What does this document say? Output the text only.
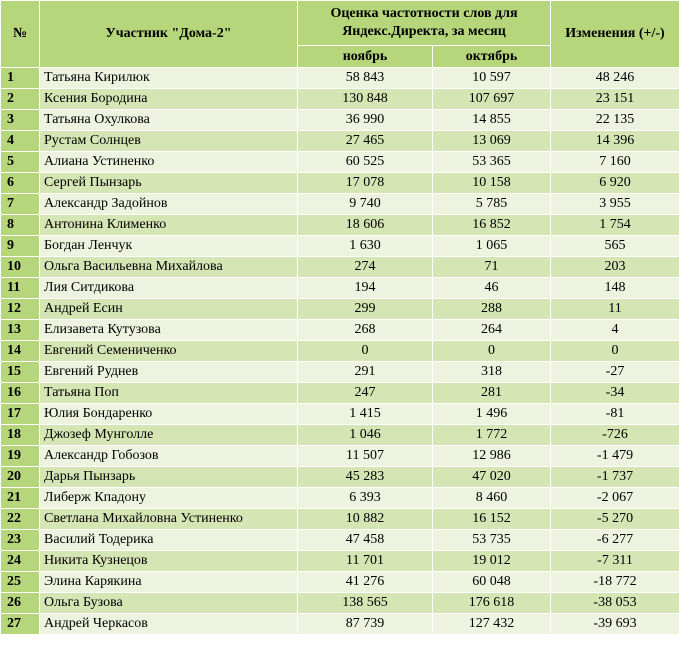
№	Участник "Дома-2"	Оценка частотности слов для Яндекс.Директа, за месяц		Изменения (+/-)
		ноябрь	октябрь	
1	Татьяна Кирилюк	58 843	10 597	48 246
2	Ксения Бородина	130 848	107 697	23 151
3	Татьяна Охулкова	36 990	14 855	22 135
4	Рустам Солнцев	27 465	13 069	14 396
5	Алиана Устиненко	60 525	53 365	7 160
6	Сергей Пынзарь	17 078	10 158	6 920
7	Александр Задойнов	9 740	5 785	3 955
8	Антонина Клименко	18 606	16 852	1 754
9	Богдан Ленчук	1 630	1 065	565
10	Ольга Васильевна Михайлова	274	71	203
11	Лия Ситдикова	194	46	148
12	Андрей Есин	299	288	11
13	Елизавета Кутузова	268	264	4
14	Евгений Семениченко	0	0	0
15	Евгений Руднев	291	318	-27
16	Татьяна Поп	247	281	-34
17	Юлия Бондаренко	1 415	1 496	-81
18	Джозеф Мунголле	1 046	1 772	-726
19	Александр Гобозов	11 507	12 986	-1 479
20	Дарья Пынзарь	45 283	47 020	-1 737
21	Либерж Кпадону	6 393	8 460	-2 067
22	Светлана Михайловна Устиненко	10 882	16 152	-5 270
23	Василий Тодерика	47 458	53 735	-6 277
24	Никита Кузнецов	11 701	19 012	-7 311
25	Элина Карякина	41 276	60 048	-18 772
26	Ольга Бузова	138 565	176 618	-38 053
27	Андрей Черкасов	87 739	127 432	-39 693
